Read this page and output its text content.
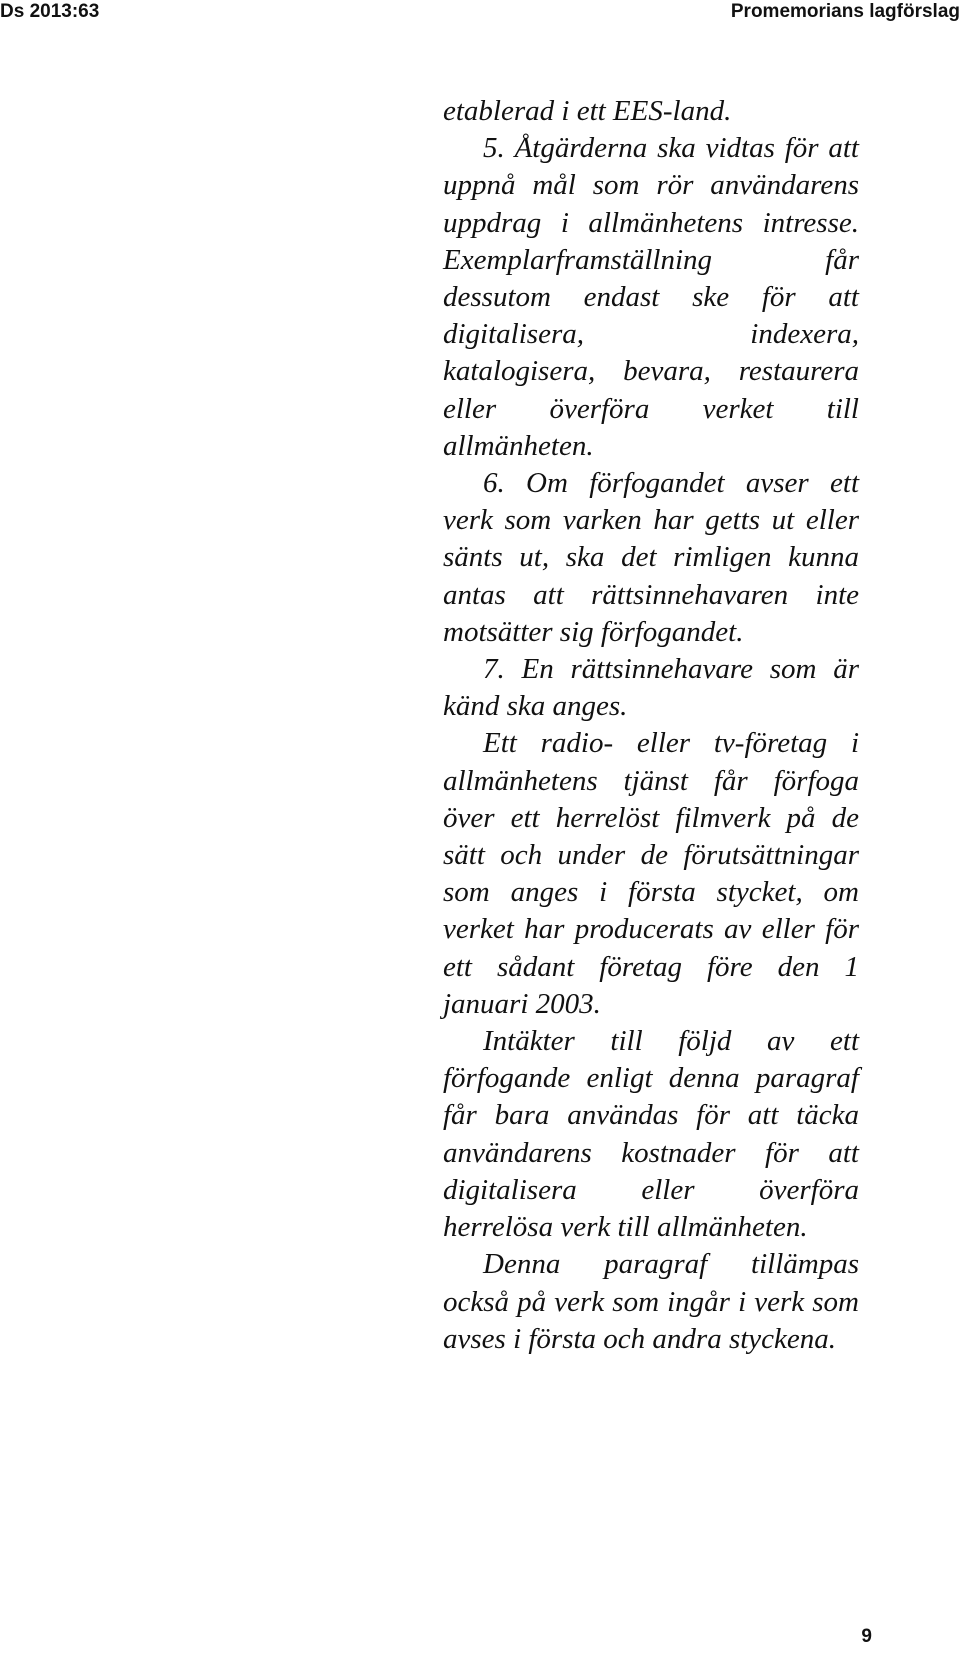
Ds 2013:63	Promemorians lagförslag

etablerad i ett EES-land.

5. Åtgärderna ska vidtas för att uppnå mål som rör användarens uppdrag i allmänhetens intresse. Exemplarframställning får dessutom endast ske för att digitalisera, indexera, katalogisera, bevara, restaurera eller överföra verket till allmänheten.

6. Om förfogandet avser ett verk som varken har getts ut eller sänts ut, ska det rimligen kunna antas att rättsinnehavaren inte motsätter sig förfogandet.

7. En rättsinnehavare som är känd ska anges.

Ett radio- eller tv-företag i allmänhetens tjänst får förfoga över ett herrelöst filmverk på de sätt och under de förutsättningar som anges i första stycket, om verket har producerats av eller för ett sådant företag före den 1 januari 2003.

Intäkter till följd av ett förfogande enligt denna paragraf får bara användas för att täcka användarens kostnader för att digitalisera eller överföra herrelösa verk till allmänheten.

Denna paragraf tillämpas också på verk som ingår i verk som avses i första och andra styckena.

9
